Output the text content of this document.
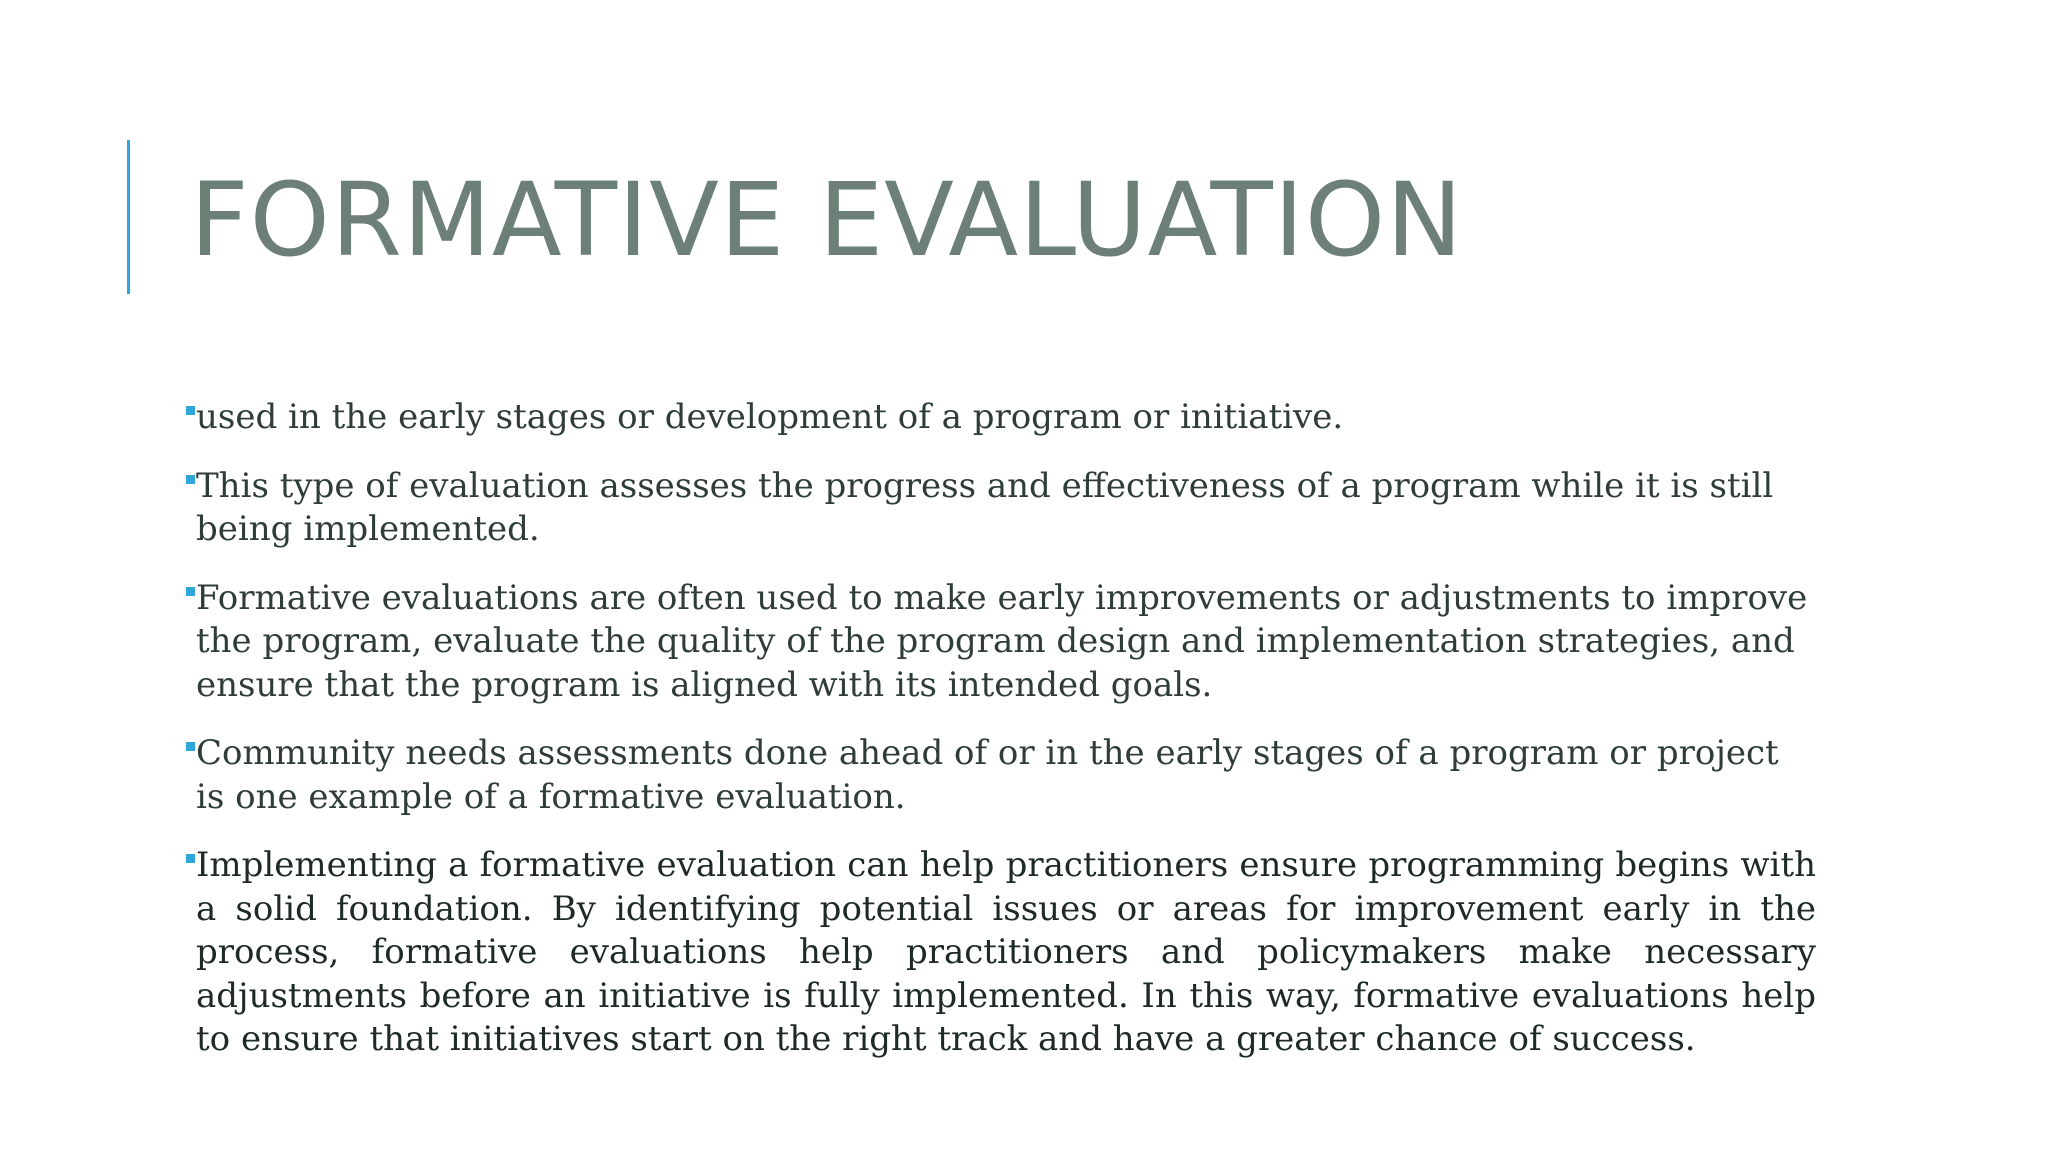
FORMATIVE EVALUATION
used in the early stages or development of a program or initiative.
This type of evaluation assesses the progress and effectiveness of a program while it is still being implemented.
Formative evaluations are often used to make early improvements or adjustments to improve the program, evaluate the quality of the program design and implementation strategies, and ensure that the program is aligned with its intended goals.
Community needs assessments done ahead of or in the early stages of a program or project is one example of a formative evaluation.
Implementing a formative evaluation can help practitioners ensure programming begins with a solid foundation. By identifying potential issues or areas for improvement early in the process, formative evaluations help practitioners and policymakers make necessary adjustments before an initiative is fully implemented. In this way, formative evaluations help to ensure that initiatives start on the right track and have a greater chance of success.
